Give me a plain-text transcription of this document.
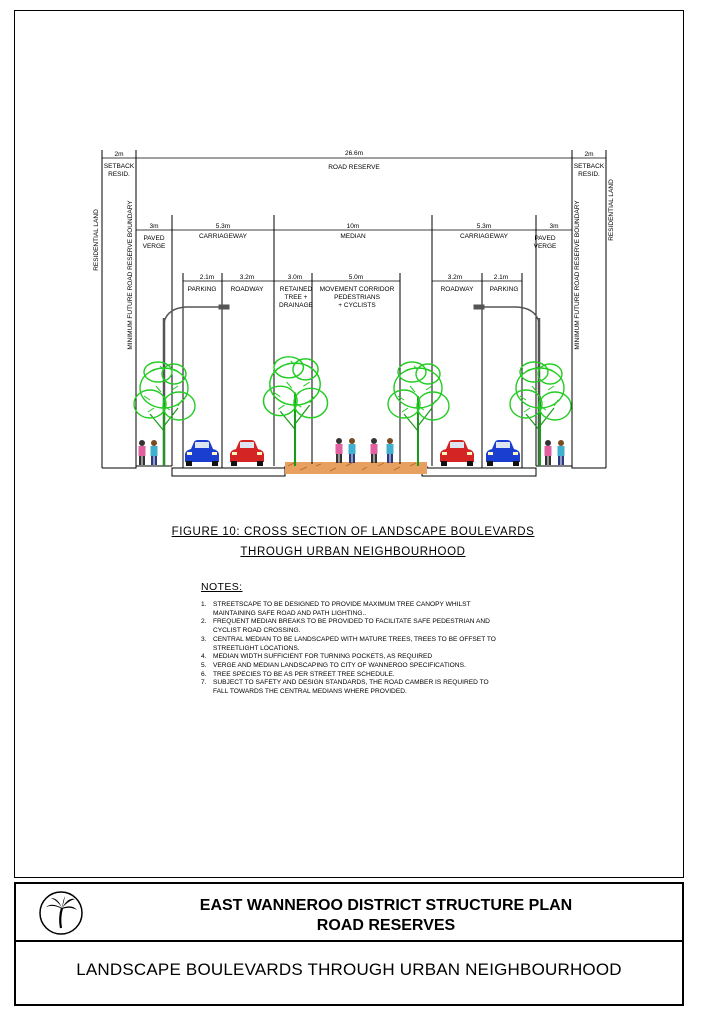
2m	26.6m	2m
SETBACK
RESID.
ROAD RESERVE	SETBACK
RESID.
3m	5.3m	10m	5.3m	3m
PAVED
VERGE
CARRIAGEWAY	MEDIAN	CARRIAGEWAY	PAVED
VERGE
2.1m	3.2m	3.0m	5.0m	3.2m	2.1m
PARKING ROADWAY	RETAINED
TREE +
DRAINAGE
MOVEMENT CORRIDOR
PEDESTRIANS
+ CYCLISTS
ROADWAY PARKING
RESIDENTIAL LAND	MINIMUM FUTURE ROAD RESERVE BOUNDARY	MINIMUM FUTURE ROAD RESERVE BOUNDARY	RESIDENTIAL LAND
FIGURE 10: CROSS SECTION OF LANDSCAPE BOULEVARDS
THROUGH URBAN NEIGHBOURHOOD
NOTES:
1. STREETSCAPE TO BE DESIGNED TO PROVIDE MAXIMUM TREE CANOPY WHILST MAINTAINING SAFE ROAD AND PATH LIGHTING..
2. FREQUENT MEDIAN BREAKS TO BE PROVIDED TO FACILITATE SAFE PEDESTRIAN AND CYCLIST ROAD CROSSING.
3. CENTRAL MEDIAN TO BE LANDSCAPED WITH MATURE TREES, TREES TO BE OFFSET TO STREETLIGHT LOCATIONS.
4. MEDIAN WIDTH SUFFICIENT FOR TURNING POCKETS, AS REQUIRED
5. VERGE AND MEDIAN LANDSCAPING TO CITY OF WANNEROO SPECIFICATIONS.
6. TREE SPECIES TO BE AS PER STREET TREE SCHEDULE.
7. SUBJECT TO SAFETY AND DESIGN STANDARDS, THE ROAD CAMBER IS REQUIRED TO FALL TOWARDS THE CENTRAL MEDIANS WHERE PROVIDED.
EAST WANNEROO DISTRICT STRUCTURE PLAN
ROAD RESERVES
LANDSCAPE BOULEVARDS THROUGH URBAN NEIGHBOURHOOD
